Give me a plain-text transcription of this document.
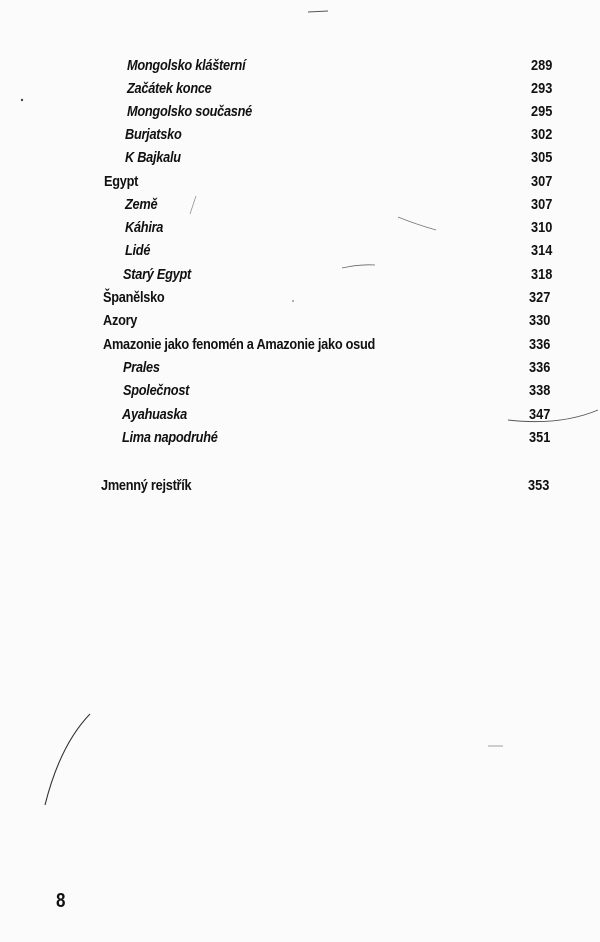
Mongolsko klášterní	289
Začátek konce	293
Mongolsko současné	295
Burjatsko	302
K Bajkalu	305
Egypt	307
Země	307
Káhira	310
Lidé	314
Starý Egypt	318
Španělsko	327
Azory	330
Amazonie jako fenomén a Amazonie jako osud	336
Prales	336
Společnost	338
Ayahuaska	347
Lima napodruhé	351
Jmenný rejstřík	353
8
